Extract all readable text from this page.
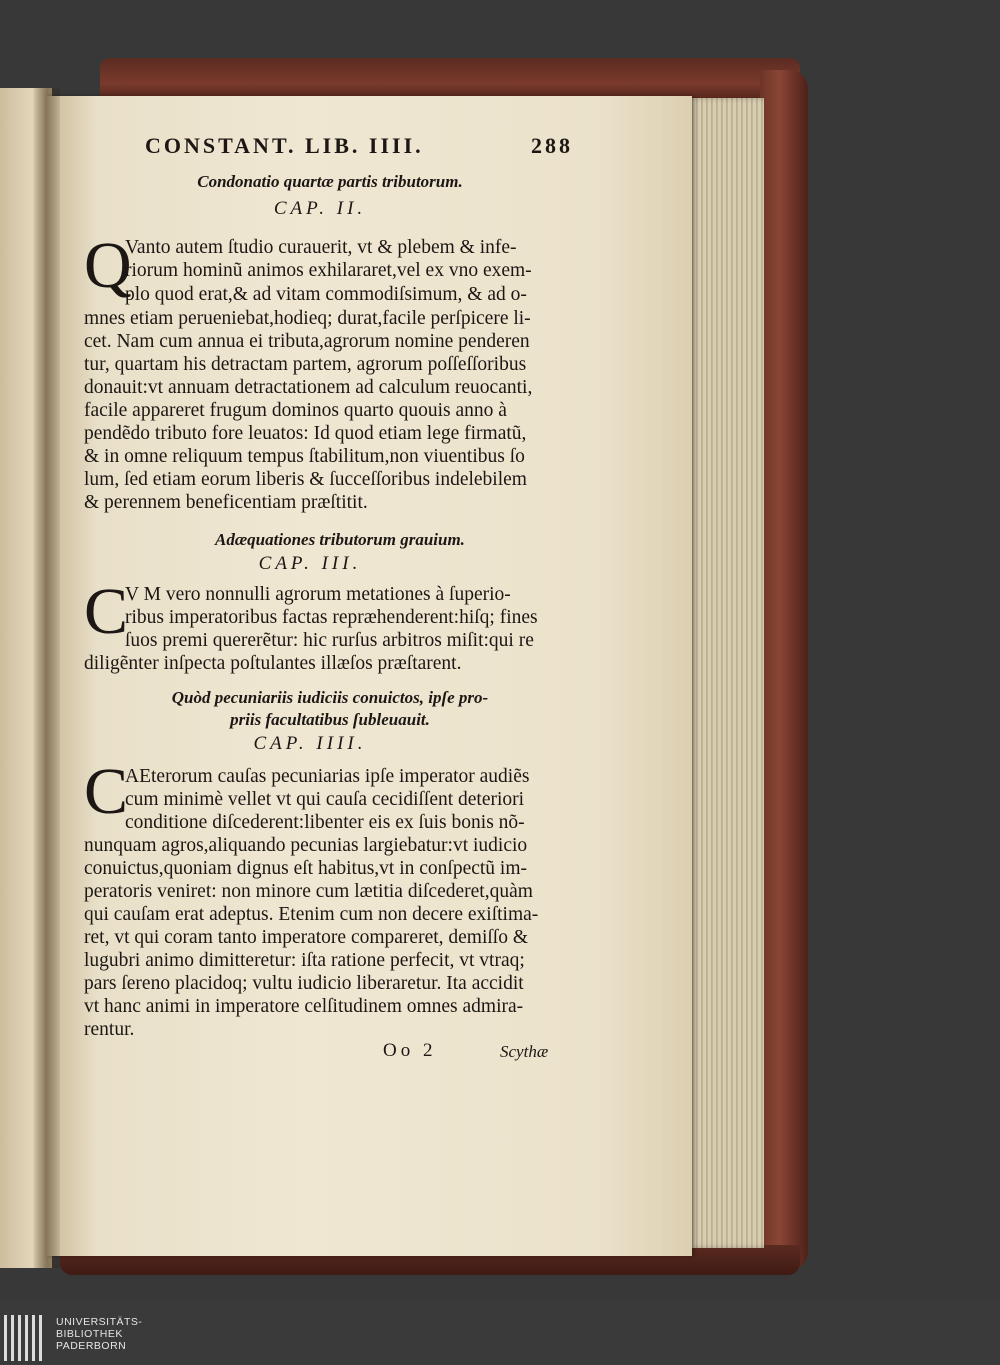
CONSTANT. LIB. IIII.	288
Condonatio quartæ partis tributorum.
CAP. II.
Q
Vanto autem ſtudio curauerit, vt & plebem & infe-
riorum hominũ animos exhilararet,vel ex vno exem-
plo quod erat,& ad vitam commodiſsimum, & ad o-
mnes etiam perueniebat,hodieq; durat,facile perſpicere li-
cet. Nam cum annua ei tributa,agrorum nomine penderen
tur, quartam his detractam partem, agrorum poſſeſſoribus
donauit:vt annuam detractationem ad calculum reuocanti,
facile appareret frugum dominos quarto quouis anno à
pendẽdo tributo fore leuatos: Id quod etiam lege firmatũ,
& in omne reliquum tempus ſtabilitum,non viuentibus ſo
lum, ſed etiam eorum liberis & ſucceſſoribus indelebilem
& perennem beneficentiam præſtitit.
Adæquationes tributorum grauium.
CAP. III.
C
V M vero nonnulli agrorum metationes à ſuperio-
ribus imperatoribus factas repræhenderent:hiſq; fines
ſuos premi quererẽtur: hic rurſus arbitros miſit:qui re
diligẽnter inſpecta poſtulantes illæſos præſtarent.
Quòd pecuniariis iudiciis conuictos, ipſe pro-
priis facultatibus ſubleuauit.
CAP. IIII.
C
AEterorum cauſas pecuniarias ipſe imperator audiẽs
cum minimè vellet vt qui cauſa cecidiſſent deteriori
conditione diſcederent:libenter eis ex ſuis bonis nõ-
nunquam agros,aliquando pecunias largiebatur:vt iudicio
conuictus,quoniam dignus eſt habitus,vt in conſpectũ im-
peratoris veniret: non minore cum lætitia diſcederet,quàm
qui cauſam erat adeptus. Etenim cum non decere exiſtima-
ret, vt qui coram tanto imperatore compareret, demiſſo &
lugubri animo dimitteretur: iſta ratione perfecit, vt vtraq;
pars ſereno placidoq; vultu iudicio liberaretur. Ita accidit
vt hanc animi in imperatore celſitudinem omnes admira-
rentur.
Oo 2	Scythæ
UNIVERSITÄTS-
BIBLIOTHEK
PADERBORN
